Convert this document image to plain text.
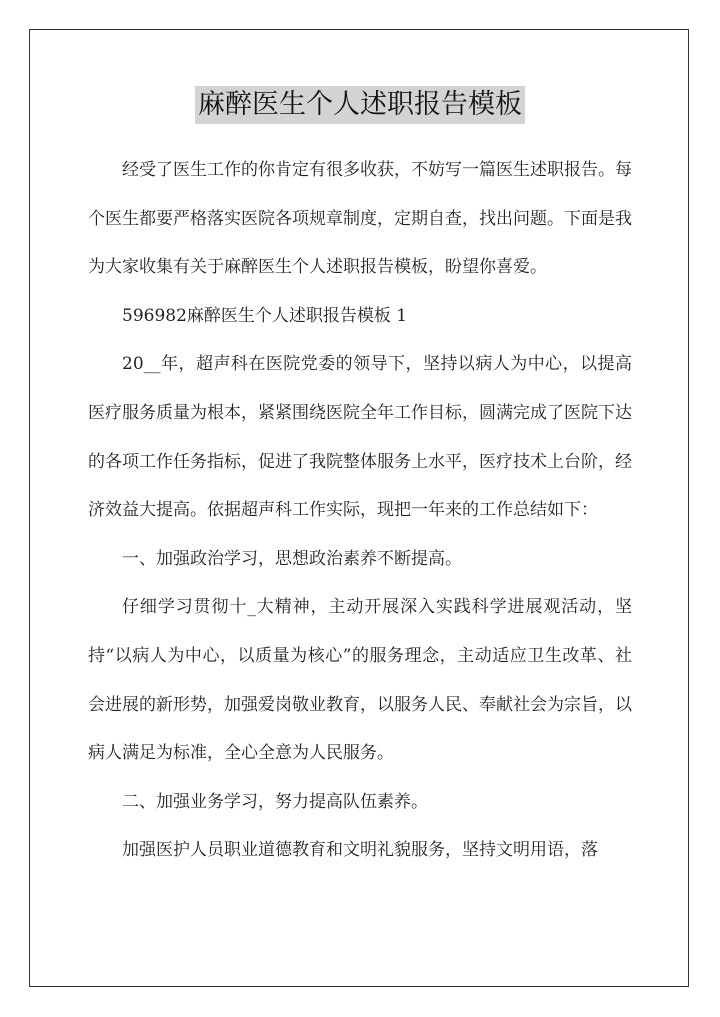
麻醉医生个人述职报告模板

经受了医生工作的你肯定有很多收获，不妨写一篇医生述职报告。每个医生都要严格落实医院各项规章制度，定期自查，找出问题。下面是我为大家收集有关于麻醉医生个人述职报告模板，盼望你喜爱。

596982麻醉医生个人述职报告模板 1

20__年，超声科在医院党委的领导下，坚持以病人为中心，以提高医疗服务质量为根本，紧紧围绕医院全年工作目标，圆满完成了医院下达的各项工作任务指标，促进了我院整体服务上水平，医疗技术上台阶，经济效益大提高。依据超声科工作实际，现把一年来的工作总结如下：

一、加强政治学习，思想政治素养不断提高。

仔细学习贯彻十_大精神，主动开展深入实践科学进展观活动，坚持“以病人为中心，以质量为核心”的服务理念，主动适应卫生改革、社会进展的新形势，加强爱岗敬业教育，以服务人民、奉献社会为宗旨，以病人满足为标准，全心全意为人民服务。

二、加强业务学习，努力提高队伍素养。

加强医护人员职业道德教育和文明礼貌服务，坚持文明用语，落
